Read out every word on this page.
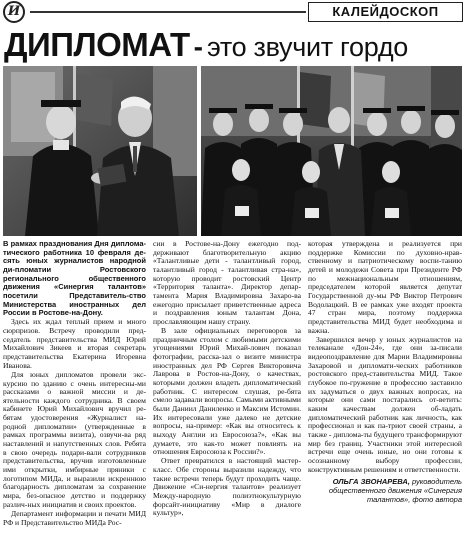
И	КАЛЕЙДОСКОП
ДИПЛОМАТ - это звучит гордо

В рамках празднования Дня диплома-тического работника 10 февраля де-сять юных журналистов народной ди-пломатии Ростовского регионального общественного движения «Синергия талантов» посетили Представитель-ство Министерства иностранных дел России в Ростове-на-Дону.

Здесь их ждал теплый прием и много сюрпризов. Встречу проводили пред-седатель представительства МИД Юрий Михайлович Зикеев и вторая секретарь представительства Екатерина Игоревна Иванова.

Для юных дипломатов провели экс-курсию по зданию с очень интересны-ми рассказами о важной миссии и де-ятельности каждого сотрудника. В своем кабинете Юрий Михайлович вручил ре-бятам удостоверения «Журналист на-родной дипломатии» (утвержденные в рамках программы визита), озвучи-ва ряд наставлений и напутственных слов. Ребята в свою очередь подари-вали сотрудников представительства, вручив изготовленные ими открытки, имбирные пряники с логотипом МИДа, и выразили искреннюю благодарность дипломатам за сохранение мира, без-опасное детство и поддержку различ-ных инициатив и своих проектов.

Департамент информации и печати МИД РФ и Представительство МИДа Рос-

сии в Ростове-на-Дону ежегодно под-держивают благотворительную акцию «Талантливые дети - талантливый город, талантливый город - талантливая стра-на», которую проводит ростовский Центр «Территория таланта». Директор депар-тамента Мария Владимировна Захаро-ва ежегодно присылает приветственные адреса и поздравления юным талантам Дона, прославляющим нашу страну.

В зале официальных переговоров за праздничным столом с любимыми детскими угощениями Юрий Михай-лович показал фотографии, расска-зал о визите министра иностранных дел РФ Сергея Викторовича Лаврова в Ростов-на-Дону, о качествах, которыми должен владеть дипломатический работник. С интересом слушая, ре-бята смело задавали вопросы. Самыми активными были Даниил Даниленко и Максим Истомин. Их интересовали уже далеко не детские вопросы, на-пример: «Как вы относитесь к выходу Англии из Евросоюза?», «Как вы думаете, это как-то может повлиять на отношения Евросоюза к России?».

Ответ превратился в настоящий мастер-класс. Обе стороны выразили надежду, что такие встречи теперь будут проходить чаще. Движение «Си-нергия талантов» реализует Между-народную полиэтнокультурную форсайт-инициативу «Мир в диалоге культур»,

которая утверждена и реализуется при поддержке Комиссии по духовно-нрав-ственному и патриотическому воспи-танию детей и молодежи Совета при Президенте РФ по межнациональным отношениям, председателем которой является депутат Государственной ду-мы РФ Виктор Петрович Водолацкий. В ее рамках уже входят проекта 47 стран мира, поэтому поддержка представительства МИД будет необходима и важна.

Завершился вечер у юных журналистов на телеканале «Дон-24», где они за-писали видеопоздравление для Марии Владимировны Захаровой и дипломати-ческих работников ростовского пред-ставительства МИД. Такое глубокое по-гружение в профессию заставило их задуматься о двух важных вопросах, на которые они сами постарались от-ветить: каким качествам должен об-ладать дипломатический работник как личность, как профессионал и как па-триот своей страны, а также - диплома-ты будущего трансформируют мир без границ. Участники этой интересной встречи еще очень юные, но они готовы к осознанному выбору профессии, конструктивным решениям и ответственности.

ОЛЬГА ЗВОНАРЕВА, руководитель общественного движения «Синергия талантов», фото автора
